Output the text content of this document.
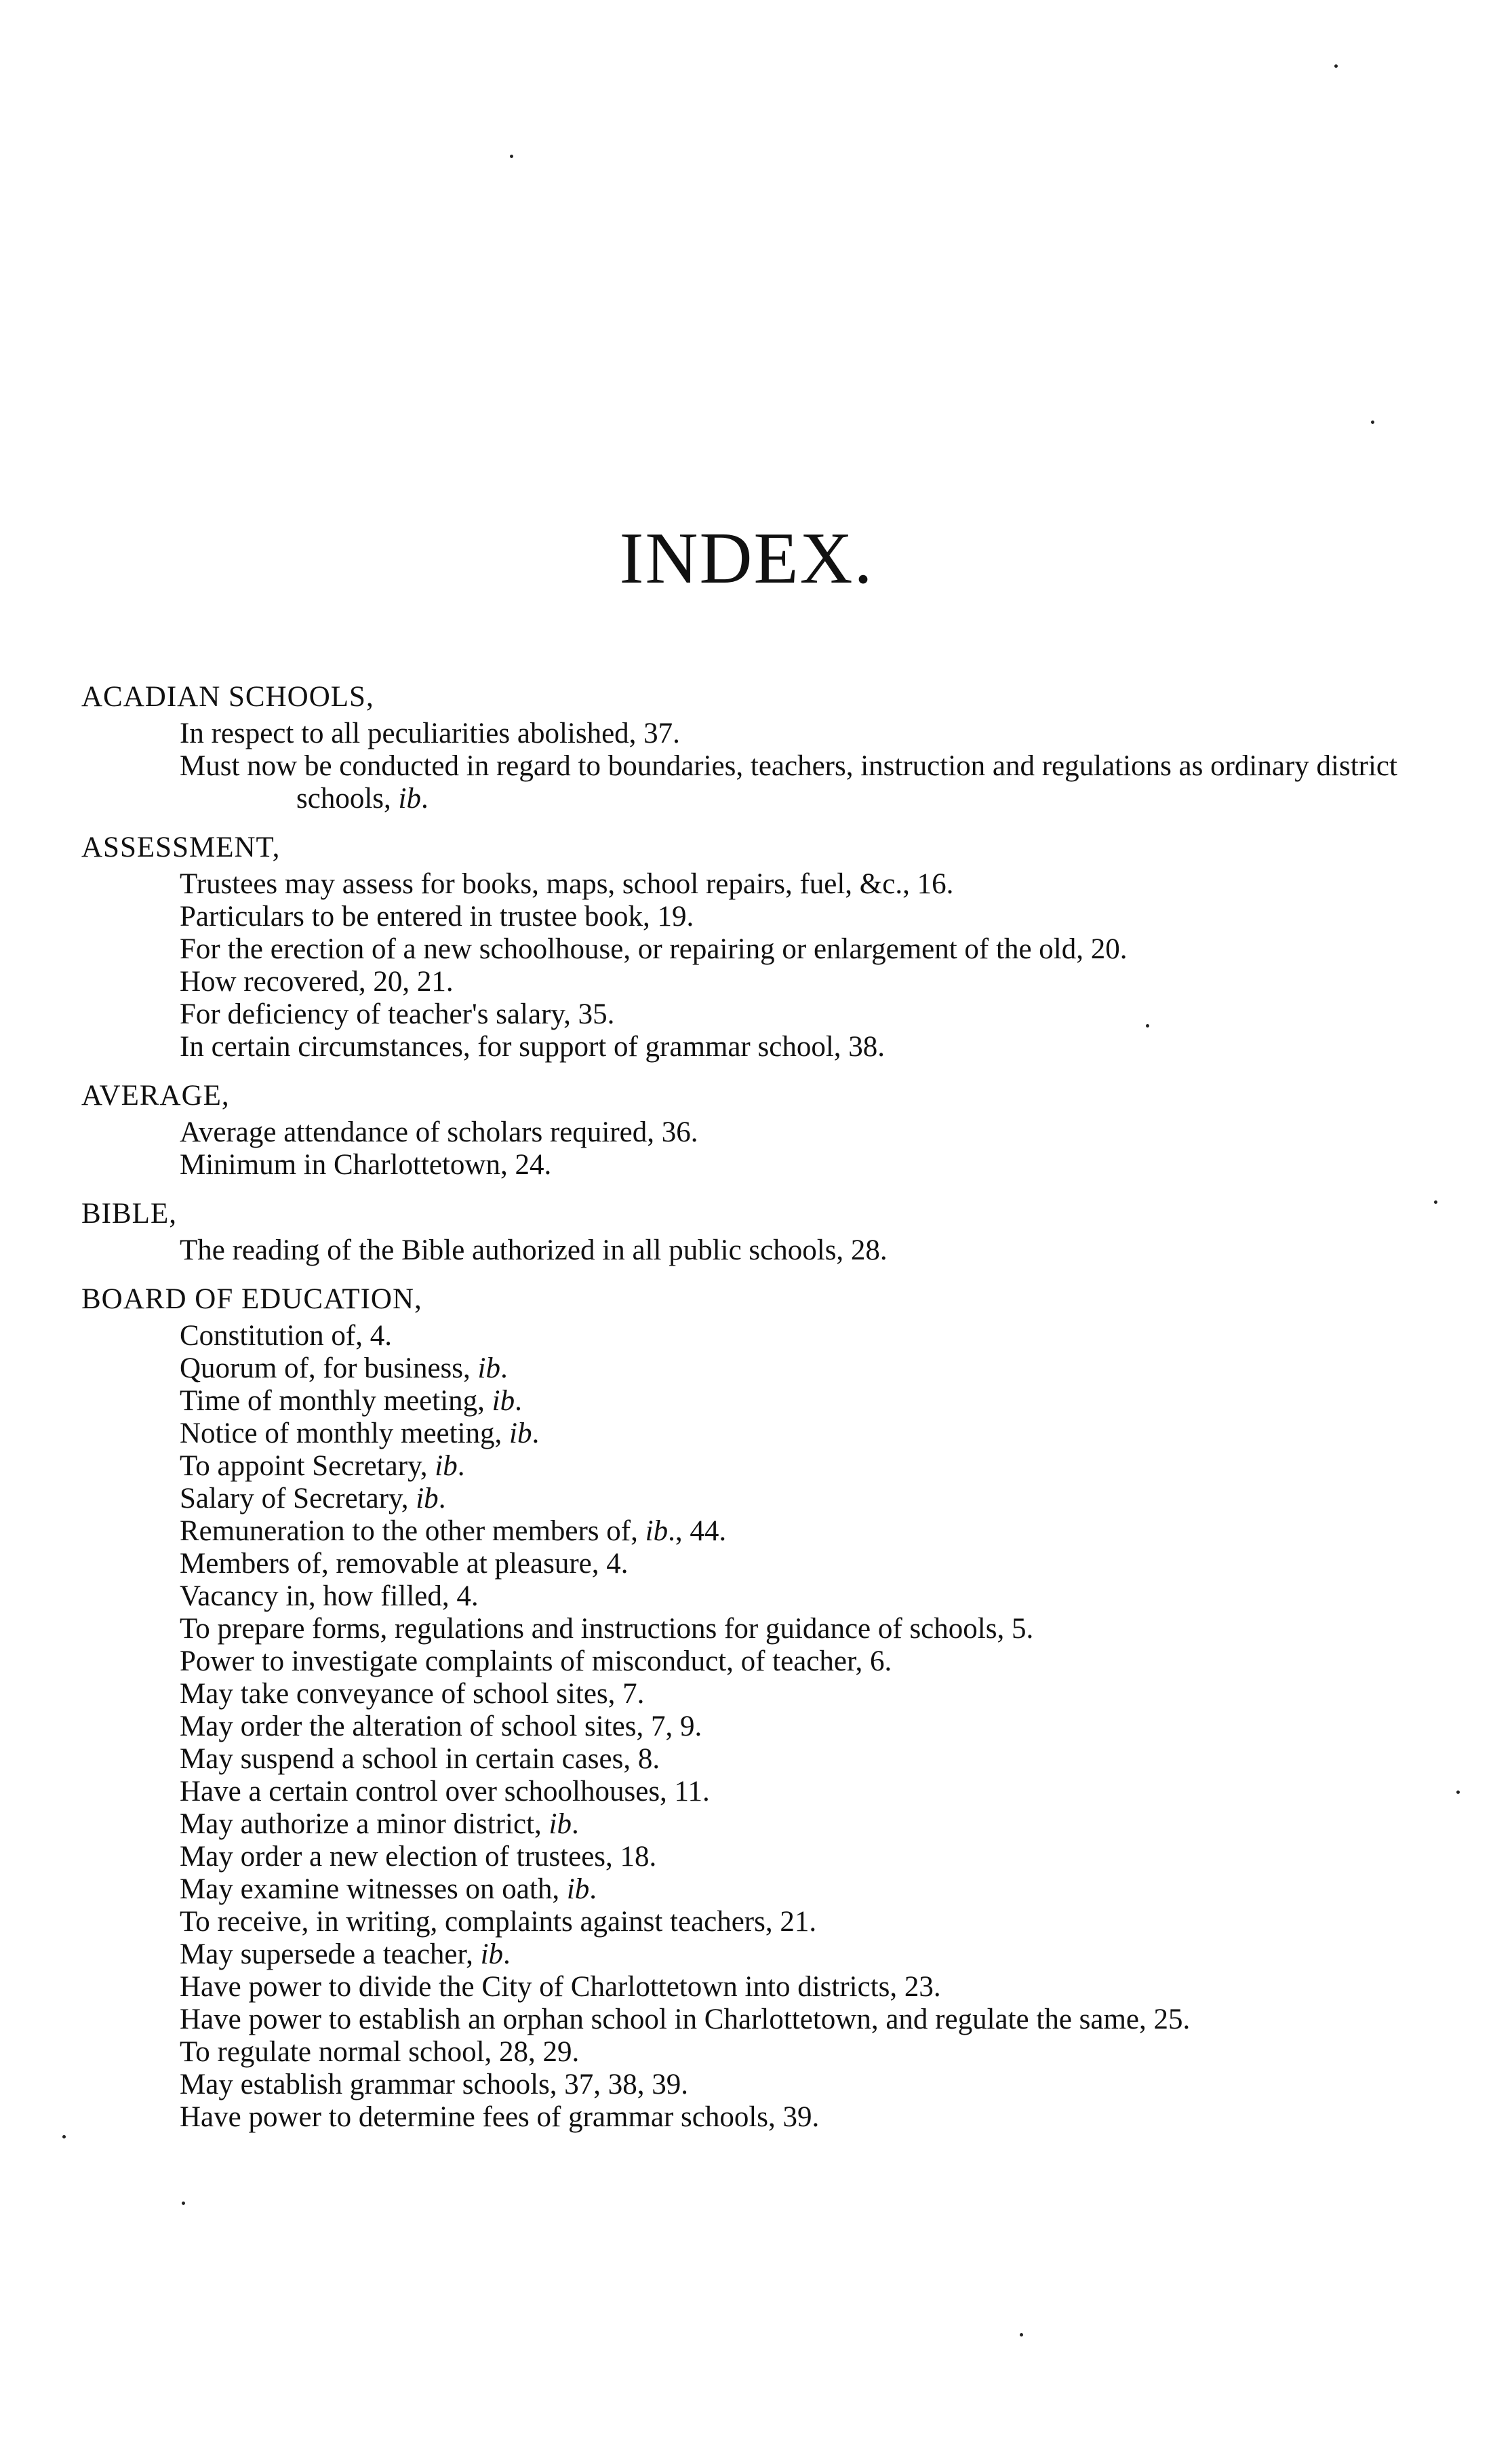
INDEX.
ACADIAN SCHOOLS,
In respect to all peculiarities abolished, 37.
Must now be conducted in regard to boundaries, teachers, instruction and regulations as ordinary district schools, ib.
ASSESSMENT,
Trustees may assess for books, maps, school repairs, fuel, &c., 16.
Particulars to be entered in trustee book, 19.
For the erection of a new schoolhouse, or repairing or enlargement of the old, 20.
How recovered, 20, 21.
For deficiency of teacher's salary, 35.
In certain circumstances, for support of grammar school, 38.
AVERAGE,
Average attendance of scholars required, 36.
Minimum in Charlottetown, 24.
BIBLE,
The reading of the Bible authorized in all public schools, 28.
BOARD OF EDUCATION,
Constitution of, 4.
Quorum of, for business, ib.
Time of monthly meeting, ib.
Notice of monthly meeting, ib.
To appoint Secretary, ib.
Salary of Secretary, ib.
Remuneration to the other members of, ib., 44.
Members of, removable at pleasure, 4.
Vacancy in, how filled, 4.
To prepare forms, regulations and instructions for guidance of schools, 5.
Power to investigate complaints of misconduct, of teacher, 6.
May take conveyance of school sites, 7.
May order the alteration of school sites, 7, 9.
May suspend a school in certain cases, 8.
Have a certain control over schoolhouses, 11.
May authorize a minor district, ib.
May order a new election of trustees, 18.
May examine witnesses on oath, ib.
To receive, in writing, complaints against teachers, 21.
May supersede a teacher, ib.
Have power to divide the City of Charlottetown into districts, 23.
Have power to establish an orphan school in Charlottetown, and regulate the same, 25.
To regulate normal school, 28, 29.
May establish grammar schools, 37, 38, 39.
Have power to determine fees of grammar schools, 39.
